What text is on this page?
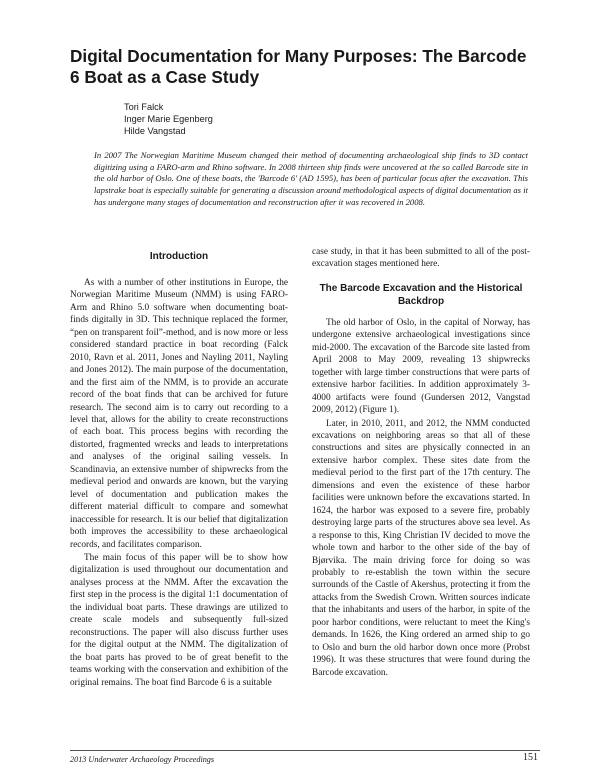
Digital Documentation for Many Purposes: The Barcode 6 Boat as a Case Study
Tori Falck
Inger Marie Egenberg
Hilde Vangstad

In 2007 The Norwegian Maritime Museum changed their method of documenting archaeological ship finds to 3D contact digitizing using a FARO-arm and Rhino software. In 2008 thirteen ship finds were uncovered at the so called Barcode site in the old harbor of Oslo. One of these boats, the 'Barcode 6' (AD 1595), has been of particular focus after the excavation. This lapstrake boat is especially suitable for generating a discussion around methodological aspects of digital documentation as it has undergone many stages of documentation and reconstruction after it was recovered in 2008.

Introduction

As with a number of other institutions in Europe, the Norwegian Maritime Museum (NMM) is using FARO-Arm and Rhino 5.0 software when documenting boat-finds digitally in 3D. This technique replaced the former, “pen on transparent foil”-method, and is now more or less considered standard practice in boat recording (Falck 2010, Ravn et al. 2011, Jones and Nayling 2011, Nayling and Jones 2012). The main purpose of the documentation, and the first aim of the NMM, is to provide an accurate record of the boat finds that can be archived for future research. The second aim is to carry out recording to a level that, allows for the ability to create reconstructions of each boat. This process begins with recording the distorted, fragmented wrecks and leads to interpretations and analyses of the original sailing vessels. In Scandinavia, an extensive number of shipwrecks from the medieval period and onwards are known, but the varying level of documentation and publication makes the different material difficult to compare and somewhat inaccessible for research. It is our belief that digitalization both improves the accessibility to these archaeological records, and facilitates comparison.

The main focus of this paper will be to show how digitalization is used throughout our documentation and analyses process at the NMM. After the excavation the first step in the process is the digital 1:1 documentation of the individual boat parts. These drawings are utilized to create scale models and subsequently full-sized reconstructions. The paper will also discuss further uses for the digital output at the NMM. The digitalization of the boat parts has proved to be of great benefit to the teams working with the conservation and exhibition of the original remains. The boat find Barcode 6 is a suitable

case study, in that it has been submitted to all of the post-excavation stages mentioned here.

The Barcode Excavation and the Historical Backdrop

The old harbor of Oslo, in the capital of Norway, has undergone extensive archaeological investigations since mid-2000. The excavation of the Barcode site lasted from April 2008 to May 2009, revealing 13 shipwrecks together with large timber constructions that were parts of extensive harbor facilities. In addition approximately 3-4000 artifacts were found (Gundersen 2012, Vangstad 2009, 2012) (Figure 1).

Later, in 2010, 2011, and 2012, the NMM conducted excavations on neighboring areas so that all of these constructions and sites are physically connected in an extensive harbor complex. These sites date from the medieval period to the first part of the 17th century. The dimensions and even the existence of these harbor facilities were unknown before the excavations started. In 1624, the harbor was exposed to a severe fire, probably destroying large parts of the structures above sea level. As a response to this, King Christian IV decided to move the whole town and harbor to the other side of the bay of Bjørvika. The main driving force for doing so was probably to re-establish the town within the secure surrounds of the Castle of Akershus, protecting it from the attacks from the Swedish Crown. Written sources indicate that the inhabitants and users of the harbor, in spite of the poor harbor conditions, were reluctant to meet the King's demands. In 1626, the King ordered an armed ship to go to Oslo and burn the old harbor down once more (Probst 1996). It was these structures that were found during the Barcode excavation.

2013 Underwater Archaeology Proceedings	151
